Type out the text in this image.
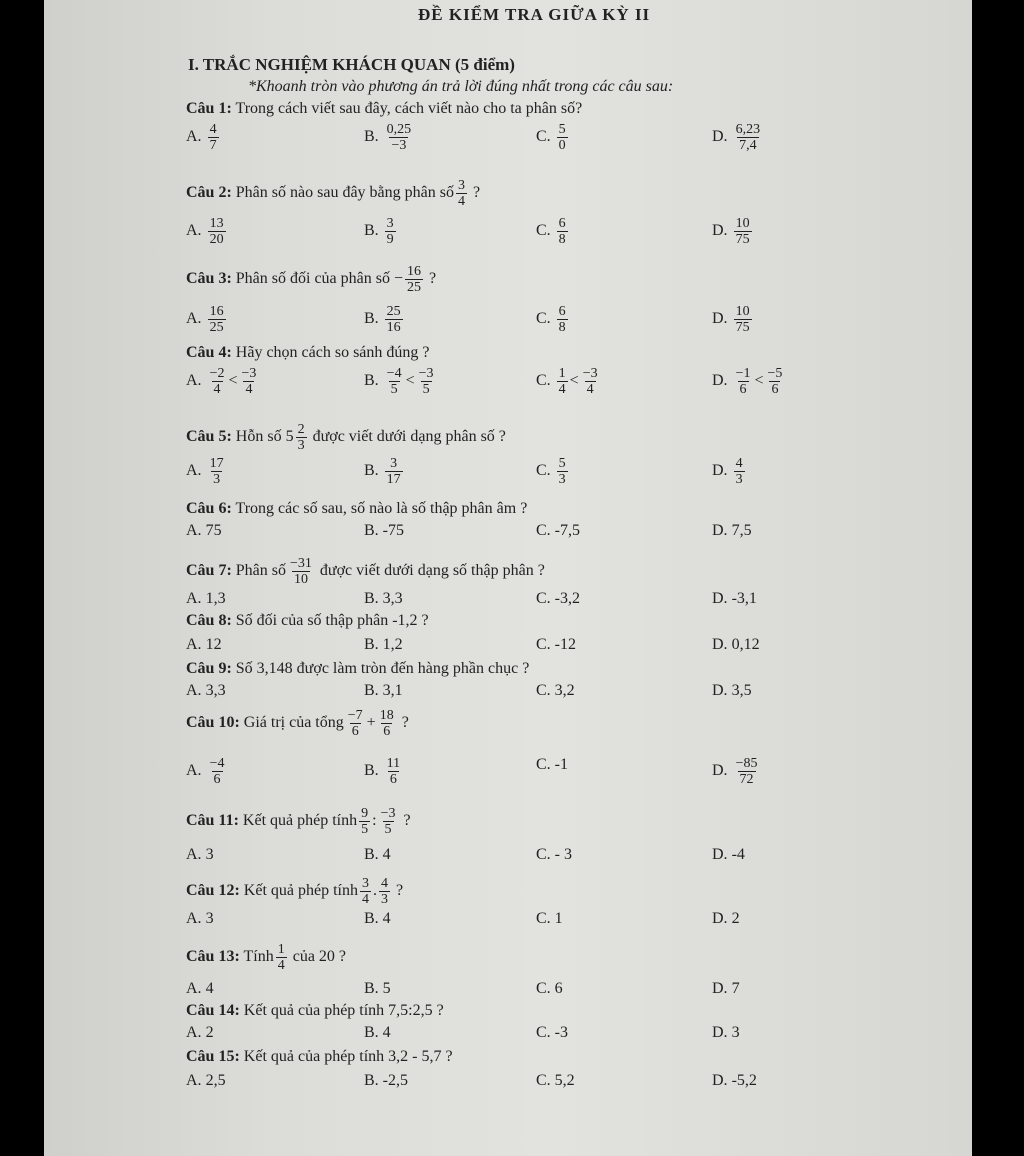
ĐỀ KIỂM TRA GIỮA KỲ II
I. TRẮC NGHIỆM KHÁCH QUAN (5 điểm)
*Khoanh tròn vào phương án trả lời đúng nhất trong các câu sau:
Câu 1: Trong cách viết sau đây, cách viết nào cho ta phân số?
A. $\frac{4}{7}$	B. $\frac{0,25}{-3}$	C. $\frac{5}{0}$	D. $\frac{6,23}{7,4}$
Câu 2: Phân số nào sau đây bằng phân số $\frac{3}{4}$ ?
A. $\frac{13}{20}$	B. $\frac{3}{9}$	C. $\frac{6}{8}$	D. $\frac{10}{75}$
Câu 3: Phân số đối của phân số − $\frac{16}{25}$ ?
A. $\frac{16}{25}$	B. $\frac{25}{16}$	C. $\frac{6}{8}$	D. $\frac{10}{75}$
Câu 4: Hãy chọn cách so sánh đúng ?
A. $\frac{-2}{4} < \frac{-3}{4}$	B. $\frac{-4}{5} < \frac{-3}{5}$	C. $\frac{1}{4} < \frac{-3}{4}$	D. $\frac{-1}{6} < \frac{-5}{6}$
Câu 5: Hỗn số $5 \frac{2}{3}$ được viết dưới dạng phân số ?
A. $\frac{17}{3}$	B. $\frac{3}{17}$	C. $\frac{5}{3}$	D. $\frac{4}{3}$
Câu 6: Trong các số sau, số nào là số thập phân âm ?
A. 75	B. -75	C. -7,5	D. 7,5
Câu 7: Phân số $\frac{-31}{10}$ được viết dưới dạng số thập phân ?
A. 1,3	B. 3,3	C. -3,2	D. -3,1
Câu 8: Số đối của số thập phân -1,2 ?
A. 12	B. 1,2	C. -12	D. 0,12
Câu 9: Số 3,148 được làm tròn đến hàng phần chục ?
A. 3,3	B. 3,1	C. 3,2	D. 3,5
Câu 10: Giá trị của tổng $\frac{-7}{6} + \frac{18}{6}$ ?
A. $\frac{-4}{6}$	B. $\frac{11}{6}$	C. -1	D. $\frac{-85}{72}$
Câu 11: Kết quả phép tính $\frac{9}{5}$ : $\frac{-3}{5}$ ?
A. 3	B. 4	C. - 3	D. -4
Câu 12: Kết quả phép tính $\frac{3}{4}$ . $\frac{4}{3}$ ?
A. 3	B. 4	C. 1	D. 2
Câu 13: Tính $\frac{1}{4}$ của 20 ?
A. 4	B. 5	C. 6	D. 7
Câu 14: Kết quả của phép tính 7,5:2,5 ?
A. 2	B. 4	C. -3	D. 3
Câu 15: Kết quả của phép tính 3,2 - 5,7 ?
A. 2,5	B. -2,5	C. 5,2	D. -5,2
